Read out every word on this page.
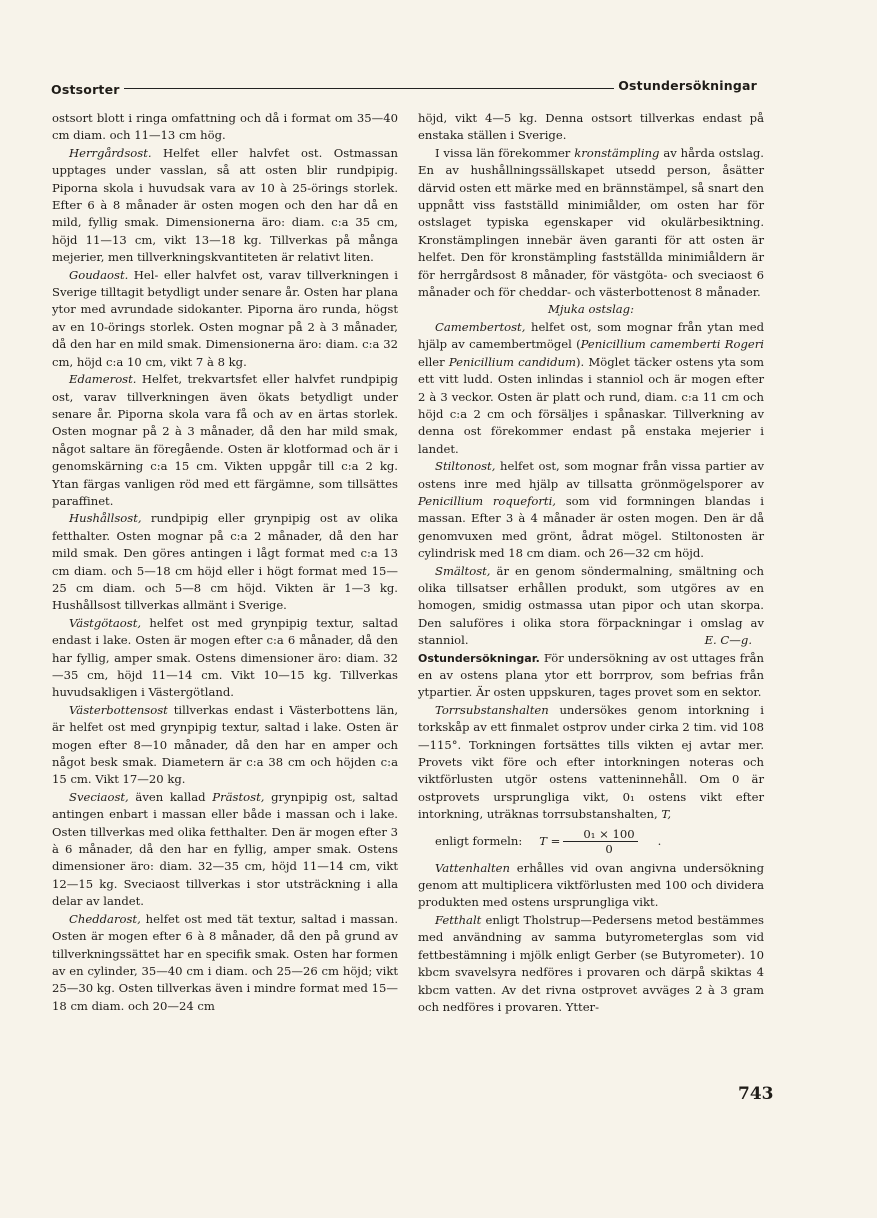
Ostsorter	Ostundersökningar

ostsort blott i ringa omfattning och då i format om 35—40 cm diam. och 11—13 cm hög.

Herrgårdsost. Helfet eller halvfet ost. Ostmassan upptages under vasslan, så att osten blir rundpipig. Piporna skola i huvudsak vara av 10 à 25-örings storlek. Efter 6 à 8 månader är osten mogen och den har då en mild, fyllig smak. Dimensionerna äro: diam. c:a 35 cm, höjd 11—13 cm, vikt 13—18 kg. Tillverkas på många mejerier, men tillverkningskvantiteten är relativt liten.

Goudaost. Hel- eller halvfet ost, varav tillverkningen i Sverige tilltagit betydligt under senare år. Osten har plana ytor med avrundade sidokanter. Piporna äro runda, högst av en 10-örings storlek. Osten mognar på 2 à 3 månader, då den har en mild smak. Dimensionerna äro: diam. c:a 32 cm, höjd c:a 10 cm, vikt 7 à 8 kg.

Edamerost. Helfet, trekvartsfet eller halvfet rundpipig ost, varav tillverkningen även ökats betydligt under senare år. Piporna skola vara få och av en ärtas storlek. Osten mognar på 2 à 3 månader, då den har mild smak, något saltare än föregående. Osten är klotformad och är i genomskärning c:a 15 cm. Vikten uppgår till c:a 2 kg. Ytan färgas vanligen röd med ett färgämne, som tillsättes paraffinet.

Hushållsost, rundpipig eller grynpipig ost av olika fetthalter. Osten mognar på c:a 2 månader, då den har mild smak. Den göres antingen i lågt format med c:a 13 cm diam. och 5—18 cm höjd eller i högt format med 15—25 cm diam. och 5—8 cm höjd. Vikten är 1—3 kg. Hushållsost tillverkas allmänt i Sverige.

Västgötaost, helfet ost med grynpipig textur, saltad endast i lake. Osten är mogen efter c:a 6 månader, då den har fyllig, amper smak. Ostens dimensioner äro: diam. 32—35 cm, höjd 11—14 cm. Vikt 10—15 kg. Tillverkas huvudsakligen i Västergötland.

Västerbottensost tillverkas endast i Västerbottens län, är helfet ost med grynpipig textur, saltad i lake. Osten är mogen efter 8—10 månader, då den har en amper och något besk smak. Diametern är c:a 38 cm och höjden c:a 15 cm. Vikt 17—20 kg.

Sveciaost, även kallad Prästost, grynpipig ost, saltad antingen enbart i massan eller både i massan och i lake. Osten tillverkas med olika fetthalter. Den är mogen efter 3 à 6 månader, då den har en fyllig, amper smak. Ostens dimensioner äro: diam. 32—35 cm, höjd 11—14 cm, vikt 12—15 kg. Sveciaost tillverkas i stor utsträckning i alla delar av landet.

Cheddarost, helfet ost med tät textur, saltad i massan. Osten är mogen efter 6 à 8 månader, då den på grund av tillverkningssättet har en specifik smak. Osten har formen av en cylinder, 35—40 cm i diam. och 25—26 cm höjd; vikt 25—30 kg. Osten tillverkas även i mindre format med 15—18 cm diam. och 20—24 cm

höjd, vikt 4—5 kg. Denna ostsort tillverkas endast på enstaka ställen i Sverige.

I vissa län förekommer kronstämpling av hårda ostslag. En av hushållningssällskapet utsedd person, åsätter därvid osten ett märke med en brännstämpel, så snart den uppnått viss fastställd minimiålder, om osten har för ostslaget typiska egenskaper vid okulärbesiktning. Kronstämplingen innebär även garanti för att osten är helfet. Den för kronstämpling fastställda minimiåldern är för herrgårdsost 8 månader, för västgöta- och sveciaost 6 månader och för cheddar- och västerbottenost 8 månader.

Mjuka ostslag:

Camembertost, helfet ost, som mognar från ytan med hjälp av camembertmögel (Penicillium camemberti Rogeri eller Penicillium candidum). Möglet täcker ostens yta som ett vitt ludd. Osten inlindas i stanniol och är mogen efter 2 à 3 veckor. Osten är platt och rund, diam. c:a 11 cm och höjd c:a 2 cm och försäljes i spånaskar. Tillverkning av denna ost förekommer endast på enstaka mejerier i landet.

Stiltonost, helfet ost, som mognar från vissa partier av ostens inre med hjälp av tillsatta grönmögelsporer av Penicillium roqueforti, som vid formningen blandas i massan. Efter 3 à 4 månader är osten mogen. Den är då genomvuxen med grönt, ådrat mögel. Stiltonosten är cylindrisk med 18 cm diam. och 26—32 cm höjd.

Smältost, är en genom söndermalning, smältning och olika tillsatser erhållen produkt, som utgöres av en homogen, smidig ostmassa utan pipor och utan skorpa. Den saluföres i olika stora förpackningar i omslag av stanniol.	E. C—g.

Ostundersökningar. För undersökning av ost uttages från en av ostens plana ytor ett borrprov, som befrias från ytpartier. Är osten uppskuren, tages provet som en sektor.

Torrsubstanshalten undersökes genom intorkning i torkskåp av ett finmalet ostprov under cirka 2 tim. vid 108—115°. Torkningen fortsättes tills vikten ej avtar mer. Provets vikt före och efter intorkningen noteras och viktförlusten utgör ostens vatteninnehåll. Om 0 är ostprovets ursprungliga vikt, 0₁ ostens vikt efter intorkning, uträknas torrsubstanshalten, T,

enligt formeln:	$T = \frac{\text{0₁ × 100}}{0}$	.

Vattenhalten erhålles vid ovan angivna undersökning genom att multiplicera viktförlusten med 100 och dividera produkten med ostens ursprungliga vikt.

Fetthalt enligt Tholstrup—Pedersens metod bestämmes med användning av samma butyrometerglas som vid fettbestämning i mjölk enligt Gerber (se Butyrometer). 10 kbcm svavelsyra nedföres i provaren och därpå skiktas 4 kbcm vatten. Av det rivna ostprovet avväges 2 à 3 gram och nedföres i provaren. Ytter-

743
